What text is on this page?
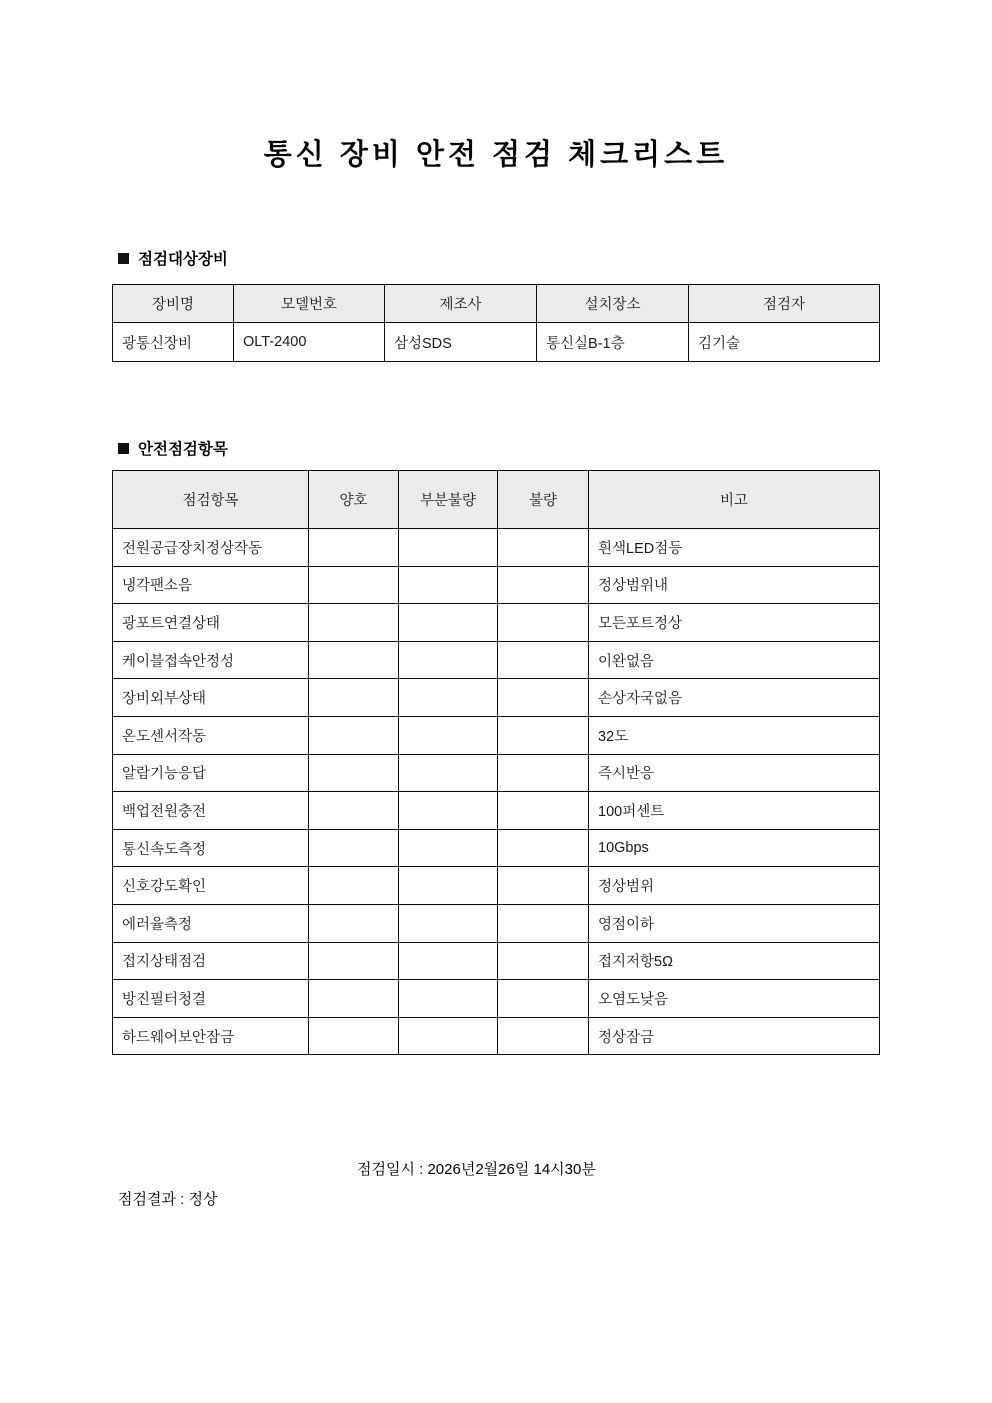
통신 장비 안전 점검 체크리스트
점검대상장비
장비명	모델번호	제조사	설치장소	점검자
광통신장비	OLT-2400	삼성SDS	통신실B-1층	김기술
안전점검항목
점검항목	양호	부분불량	불량	비고
전원공급장치정상작동				흰색LED점등
냉각팬소음				정상범위내
광포트연결상태				모든포트정상
케이블접속안정성				이완없음
장비외부상태				손상자국없음
온도센서작동				32도
알람기능응답				즉시반응
백업전원충전				100퍼센트
통신속도측정				10Gbps
신호강도확인				정상범위
에러율측정				영점이하
접지상태점검				접지저항5Ω
방진필터청결				오염도낮음
하드웨어보안잠금				정상잠금
점검일시 : 2026년2월26일 14시30분
점검결과 : 정상
